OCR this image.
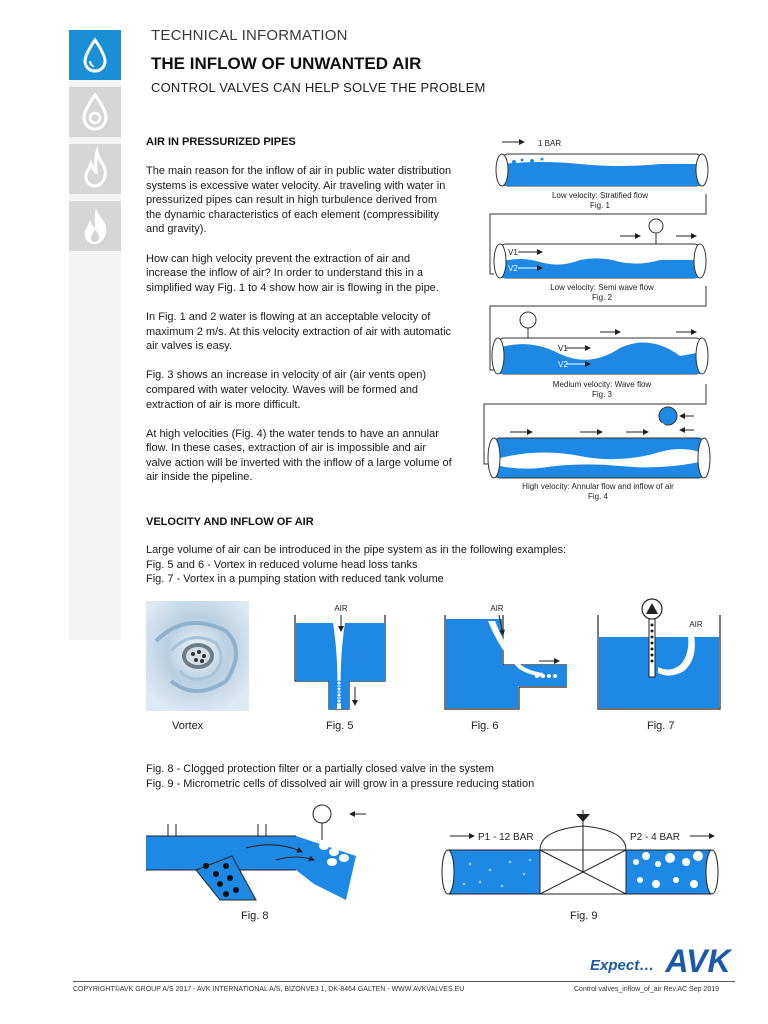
TECHNICAL INFORMATION
THE INFLOW OF UNWANTED AIR
CONTROL VALVES CAN HELP SOLVE THE PROBLEM
AIR IN PRESSURIZED PIPES

The main reason for the inflow of air in public water distribution systems is excessive water velocity. Air traveling with water in pressurized pipes can result in high turbulence derived from the dynamic characteristics of each element (compressibility and gravity).

How can high velocity prevent the extraction of air and increase the inflow of air? In order to understand this in a simplified way Fig. 1 to 4 show how air is flowing in the pipe.

In Fig. 1 and 2 water is flowing at an acceptable velocity of maximum 2 m/s. At this velocity extraction of air with automatic air valves is easy.

Fig. 3 shows an increase in velocity of air (air vents open) compared with water velocity. Waves will be formed and extraction of air is more difficult.

At high velocities (Fig. 4) the water tends to have an annular flow. In these cases, extraction of air is impossible and air valve action will be inverted with the inflow of a large volume of air inside the pipeline.

1 BAR
Low velocity: Stratified flow
Fig. 1
V1
V2
Low velocity: Semi wave flow
Fig. 2
V1
V2
Medium velocity: Wave flow
Fig. 3
High velocity: Annular flow and inflow of air
Fig. 4
VELOCITY AND INFLOW OF AIR
Large volume of air can be introduced in the pipe system as in the following examples:
Fig. 5 and 6 - Vortex in reduced volume head loss tanks
Fig. 7 - Vortex in a pumping station with reduced tank volume
AIR	AIR
AIR
Vortex	Fig. 5	Fig. 6	Fig. 7
Fig. 8 - Clogged protection filter or a partially closed valve in the system
Fig. 9 - Micrometric cells of dissolved air will grow in a pressure reducing station
P1 - 12 BAR	P2 - 4 BAR
Fig. 8	Fig. 9
Expect… AVK
COPYRIGHT©AVK GROUP A/S 2017 - AVK INTERNATIONAL A/S, BIZONVEJ 1, DK-8464 GALTEN - WWW.AVKVALVES.EU	Control valves_inflow_of_air Rev.AC Sep 2019
